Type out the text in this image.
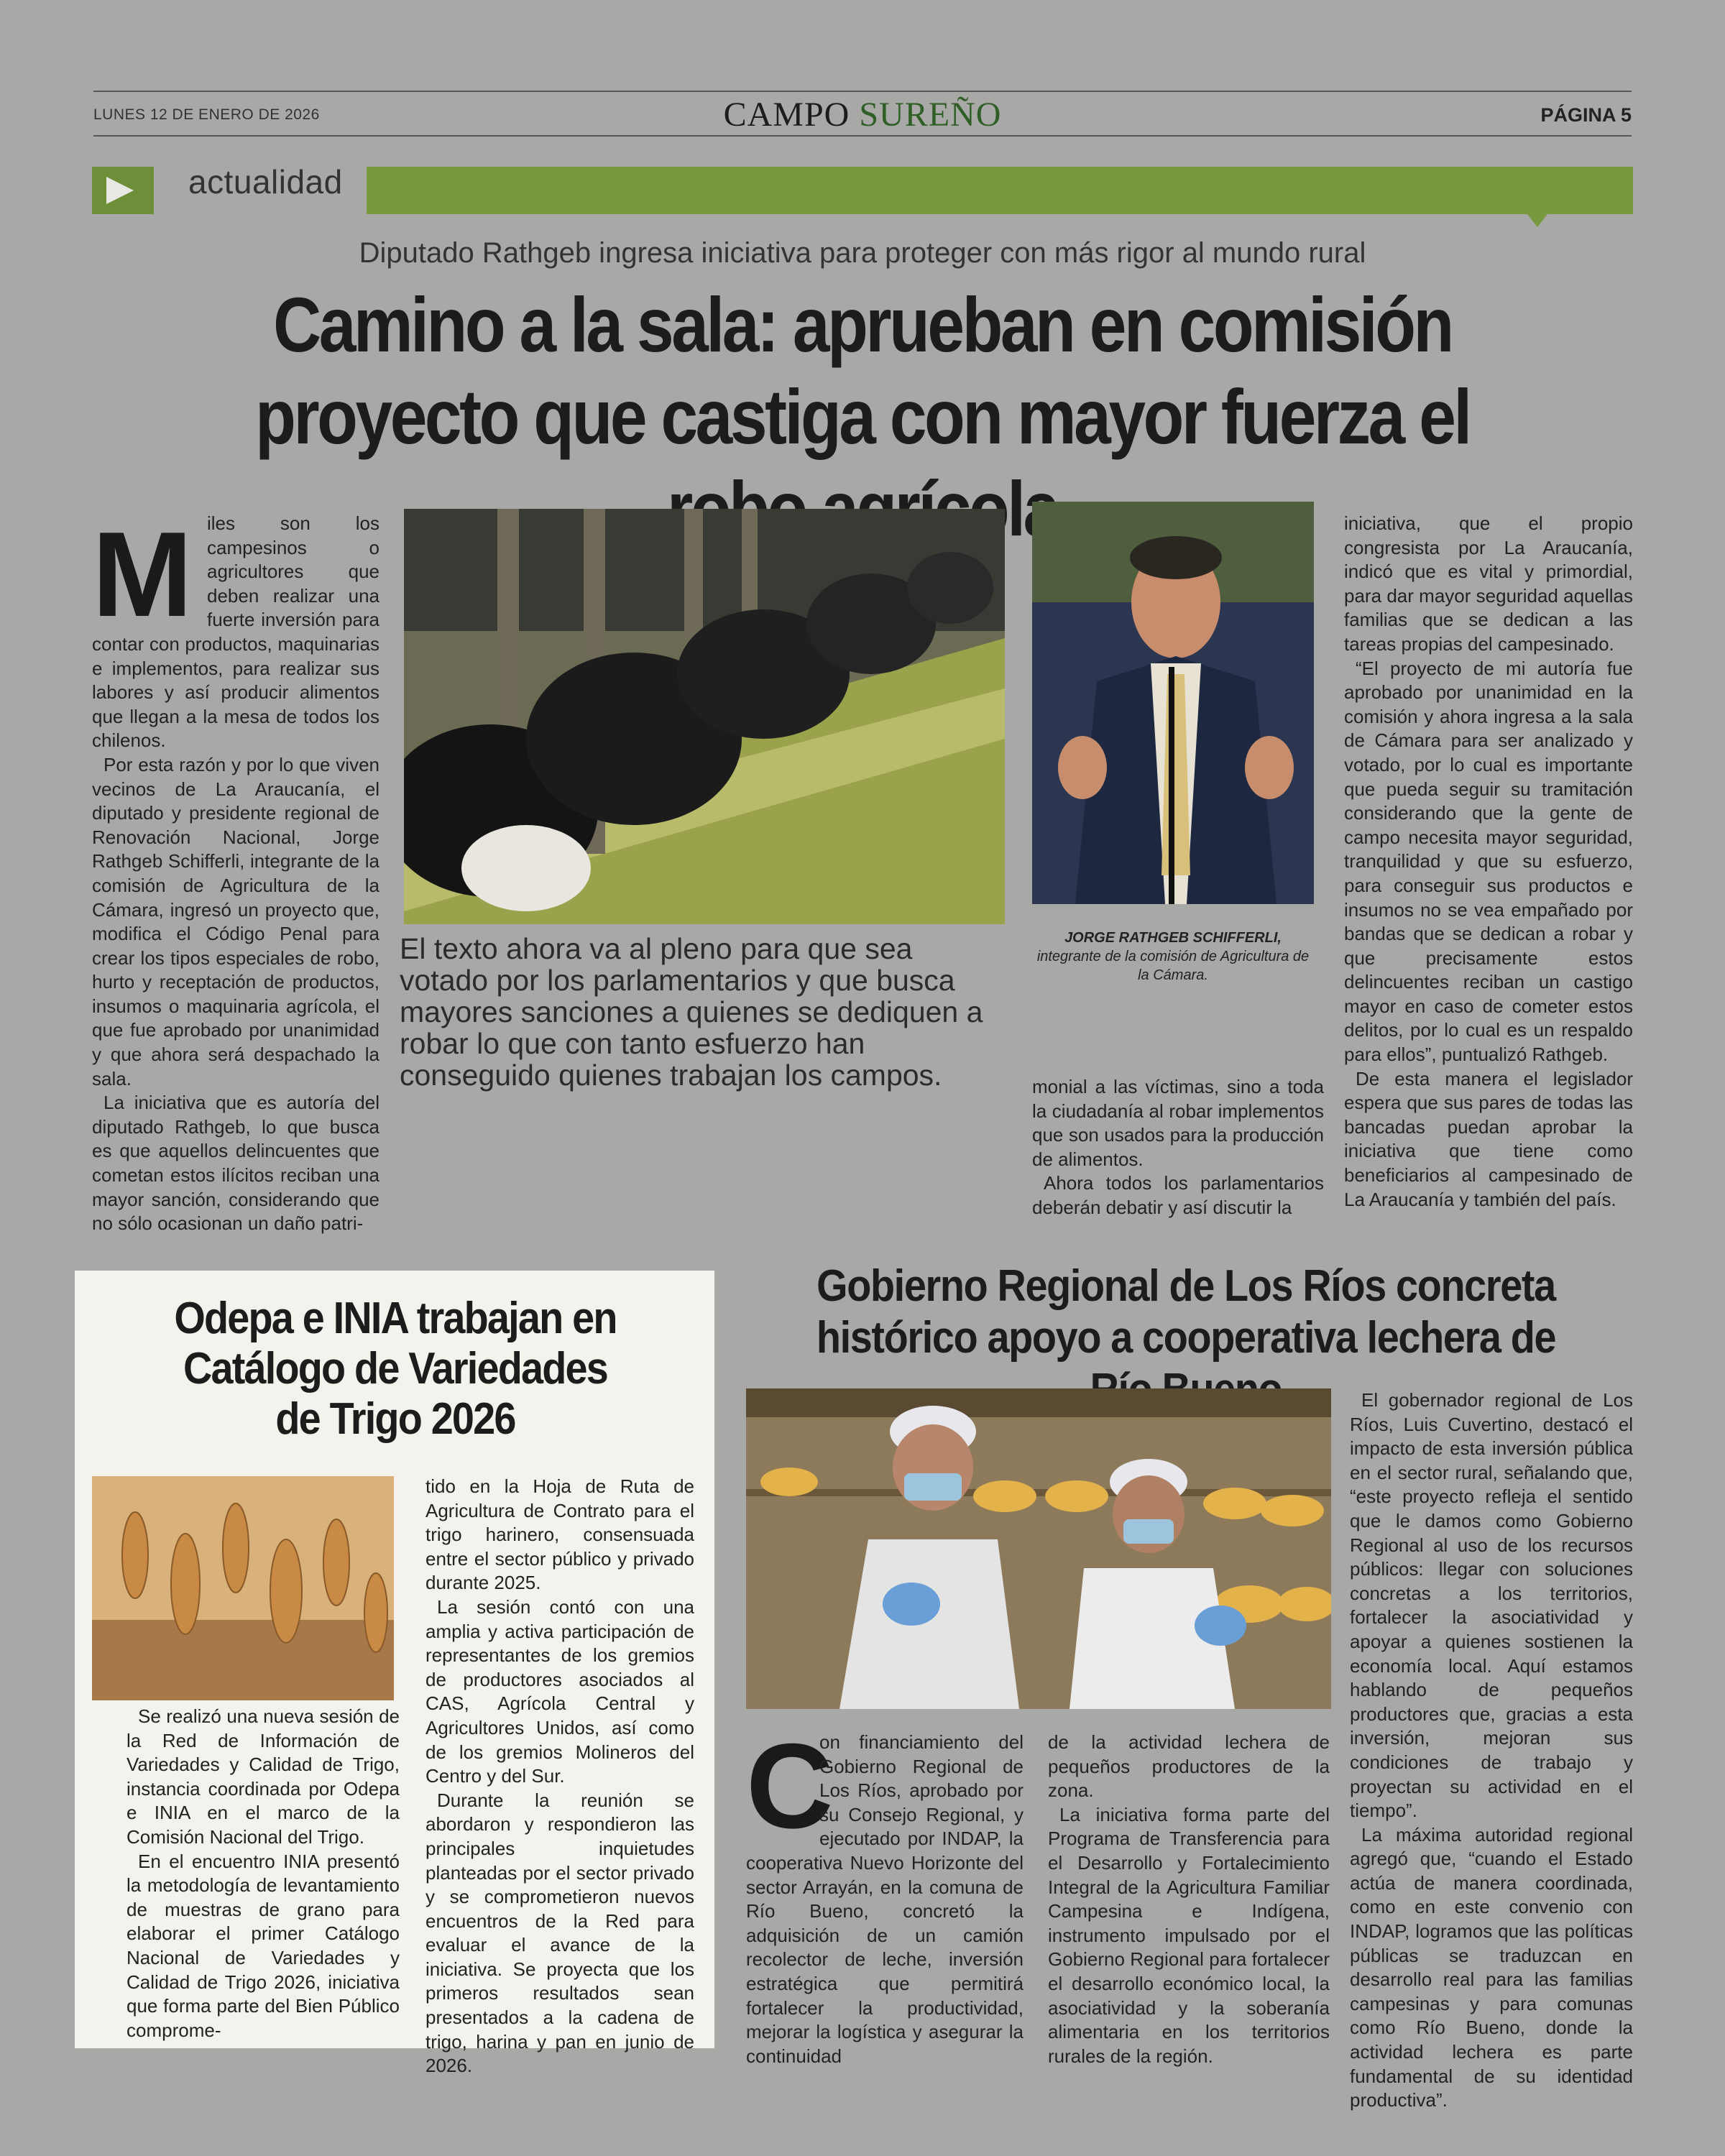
LUNES 12 DE ENERO DE 2026	CAMPO SUREÑO	PÁGINA 5
actualidad
Diputado Rathgeb ingresa iniciativa para proteger con más rigor al mundo rural
Camino a la sala: aprueban en comisión proyecto que castiga con mayor fuerza el
M iles son los campesinos o agricultores que deben realizar una fuerte inversión para contar con productos, maquinarias e implementos, para realizar sus labores y así producir alimentos que llegan a la mesa de todos los chilenos.

Por esta razón y por lo que viven vecinos de La Araucanía, el diputado y presidente regional de Renovación Nacional, Jorge Rathgeb Schifferli, integrante de la comisión de Agricultura de la Cámara, ingresó un proyecto que, modifica el Código Penal para crear los tipos especiales de robo, hurto y receptación de productos, insumos o maquinaria agrícola, el que fue aprobado por unanimidad y que ahora será despachado la sala.

La iniciativa que es autoría del diputado Rathgeb, lo que busca es que aquellos delincuentes que cometan estos ilícitos reciban una mayor sanción, considerando que no sólo ocasionan un daño patri-

El texto ahora va al pleno para que sea votado por los parlamentarios y que busca mayores sanciones a quienes se dediquen a robar lo que con tanto esfuerzo han conseguido quienes trabajan los campos.
JORGE RATHGEB SCHIFFERLI,
integrante de la comisión de Agricultura de la Cámara.

monial a las víctimas, sino a toda la ciudadanía al robar implementos que son usados para la producción de alimentos.

Ahora todos los parlamentarios deberán debatir y así discutir la

iniciativa, que el propio congresista por La Araucanía, indicó que es vital y primordial, para dar mayor seguridad aquellas familias que se dedican a las tareas propias del campesinado.

“El proyecto de mi autoría fue aprobado por unanimidad en la comisión y ahora ingresa a la sala de Cámara para ser analizado y votado, por lo cual es importante que pueda seguir su tramitación considerando que la gente de campo necesita mayor seguridad, tranquilidad y que su esfuerzo, para conseguir sus productos e insumos no se vea empañado por bandas que se dedican a robar y que precisamente estos delincuentes reciban un castigo mayor en caso de cometer estos delitos, por lo cual es un respaldo para ellos”, puntualizó Rathgeb.

De esta manera el legislador espera que sus pares de todas las bancadas puedan aprobar la iniciativa que tiene como beneficiarios al campesinado de La Araucanía y también del país.

Odepa e INIA trabajan en Catálogo de Variedades de Trigo 2026

Se realizó una nueva sesión de la Red de Información de Variedades y Calidad de Trigo, instancia coordinada por Odepa e INIA en el marco de la Comisión Nacional del Trigo.

En el encuentro INIA presentó la metodología de levantamiento de muestras de grano para elaborar el primer Catálogo Nacional de Variedades y Calidad de Trigo 2026, iniciativa que forma parte del Bien Público comprome-

tido en la Hoja de Ruta de Agricultura de Contrato para el trigo harinero, consensuada entre el sector público y privado durante 2025.

La sesión contó con una amplia y activa participación de representantes de los gremios de productores asociados al CAS, Agrícola Central y Agricultores Unidos, así como de los gremios Molineros del Centro y del Sur.

Durante la reunión se abordaron y respondieron las principales inquietudes planteadas por el sector privado y se comprometieron nuevos encuentros de la Red para evaluar el avance de la iniciativa. Se proyecta que los primeros resultados sean presentados a la cadena de trigo, harina y pan en junio de 2026.

Gobierno Regional de Los Ríos concreta histórico apoyo a cooperativa lechera de
C

on financiamiento del Gobierno Regional de Los Ríos, aprobado por su Consejo Regional, y ejecutado por INDAP, la cooperativa Nuevo Horizonte del sector Arrayán, en la comuna de Río Bueno, concretó la adquisición de un camión recolector de leche, inversión estratégica que permitirá fortalecer la productividad, mejorar la logística y asegurar la continuidad

de la actividad lechera de pequeños productores de la zona.

La iniciativa forma parte del Programa de Transferencia para el Desarrollo y Fortalecimiento Integral de la Agricultura Familiar Campesina e Indígena, instrumento impulsado por el Gobierno Regional para fortalecer el desarrollo económico local, la asociatividad y la soberanía alimentaria en los territorios rurales de la región.

El gobernador regional de Los Ríos, Luis Cuvertino, destacó el impacto de esta inversión pública en el sector rural, señalando que, “este proyecto refleja el sentido que le damos como Gobierno Regional al uso de los recursos públicos: llegar con soluciones concretas a los territorios, fortalecer la asociatividad y apoyar a quienes sostienen la economía local. Aquí estamos hablando de pequeños productores que, gracias a esta inversión, mejoran sus condiciones de trabajo y proyectan su actividad en el tiempo”.

La máxima autoridad regional agregó que, “cuando el Estado actúa de manera coordinada, como en este convenio con INDAP, logramos que las políticas públicas se traduzcan en desarrollo real para las familias campesinas y para comunas como Río Bueno, donde la actividad lechera es parte fundamental de su identidad productiva”.
